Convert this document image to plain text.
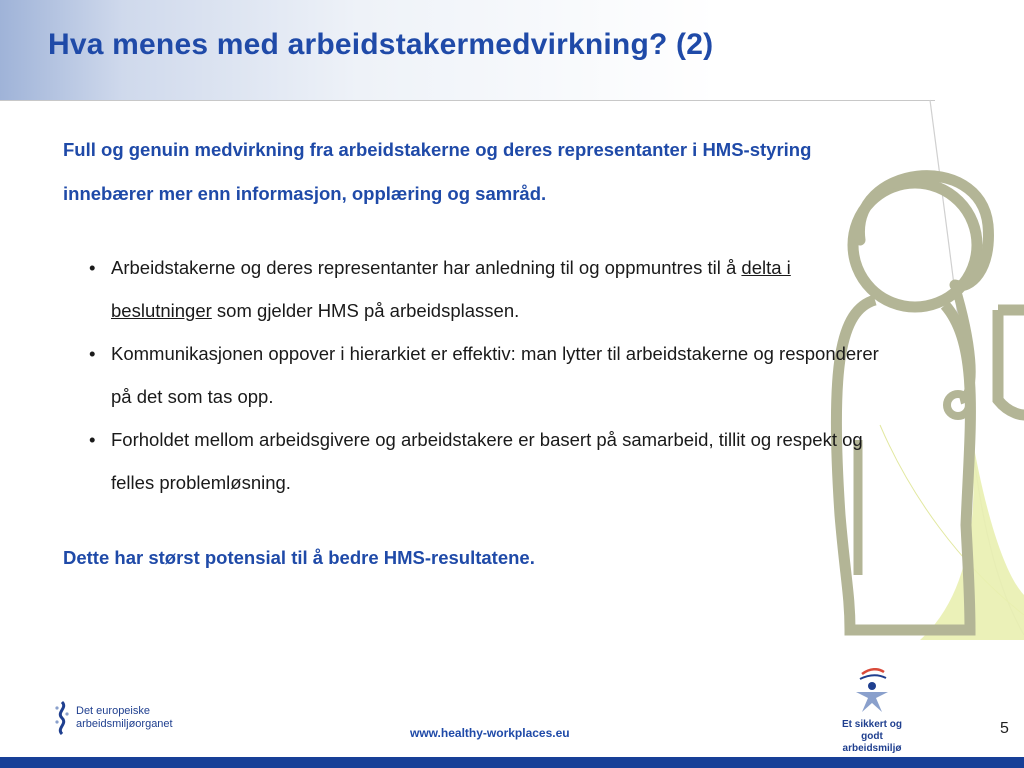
Hva menes med arbeidstakermedvirkning? (2)

Full og genuin medvirkning fra arbeidstakerne og deres representanter i HMS-styring innebærer mer enn informasjon, opplæring og samråd.

• Arbeidstakerne og deres representanter har anledning til og oppmuntres til å delta i beslutninger som gjelder HMS på arbeidsplassen.
• Kommunikasjonen oppover i hierarkiet er effektiv: man lytter til arbeidstakerne og responderer på det som tas opp.
• Forholdet mellom arbeidsgivere og arbeidstakere er basert på samarbeid, tillit og respekt og felles problemløsning.

Dette har størst potensial til å bedre HMS-resultatene.

Det europeiske
arbeidsmiljøorganet
www.healthy-workplaces.eu
Et sikkert og godt
arbeidsmiljø
5
